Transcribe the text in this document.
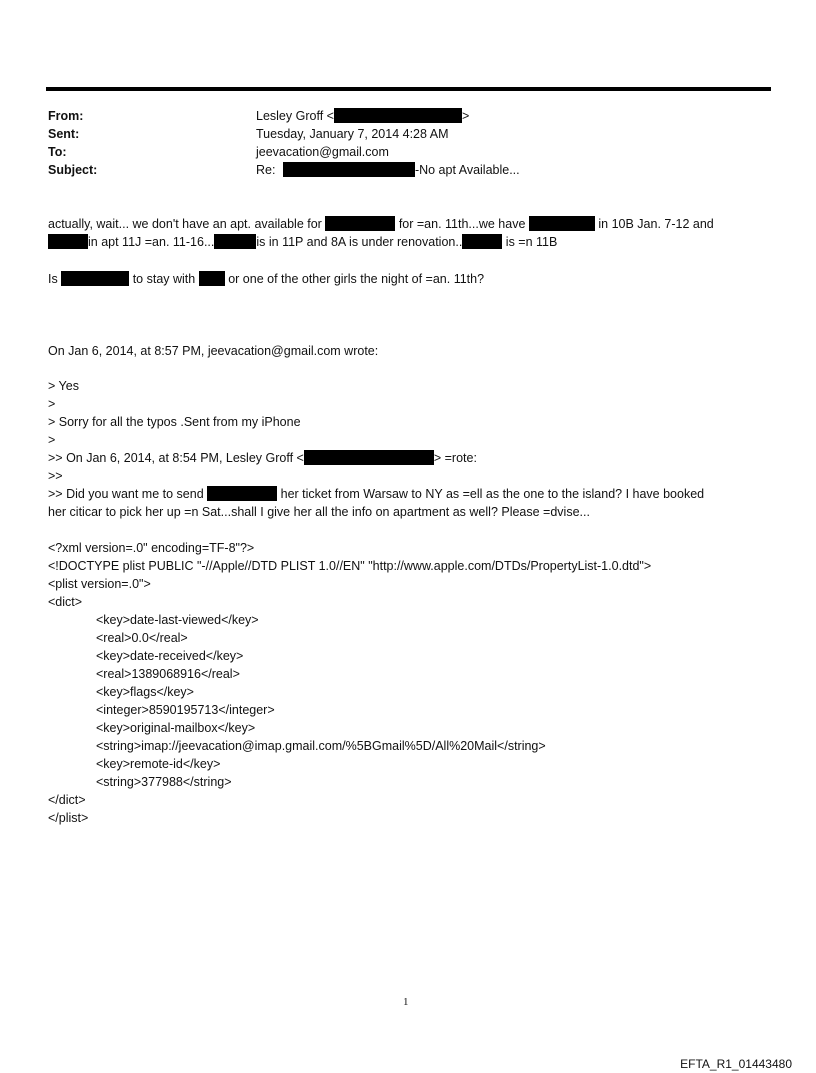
From:	Lesley Groff <	>
Sent:	Tuesday, January 7, 2014 4:28 AM
To:	jeevacation@gmail.com
Subject:	Re:	-No apt Available...
actually, wait... we don't have an apt. available for	for =an. 11th...we have	in 10B Jan. 7-12 and
in apt 11J =an. 11-16...	is in 11P and 8A is under renovation..	is =n 11B
Is	to stay with	or one of the other girls the night of =an. 11th?
On Jan 6, 2014, at 8:57 PM, jeevacation@gmail.com wrote:
> Yes
>
> Sorry for all the typos .Sent from my iPhone
>
>> On Jan 6, 2014, at 8:54 PM, Lesley Groff <	> =rote:
>>
>> Did you want me to send	her ticket from Warsaw to NY as =ell as the one to the island? I have booked
her citicar to pick her up =n Sat...shall I give her all the info on apartment as well? Please =dvise...
<?xml version=.0" encoding=TF-8"?>
<!DOCTYPE plist PUBLIC "-//Apple//DTD PLIST 1.0//EN" "http://www.apple.com/DTDs/PropertyList-1.0.dtd">
<plist version=.0">
<dict>
<key>date-last-viewed</key>
<real>0.0</real>
<key>date-received</key>
<real>1389068916</real>
<key>flags</key>
<integer>8590195713</integer>
<key>original-mailbox</key>
<string>imap://jeevacation@imap.gmail.com/%5BGmail%5D/All%20Mail</string>
<key>remote-id</key>
<string>377988</string>
</dict>
</plist>
1
EFTA_R1_01443480
